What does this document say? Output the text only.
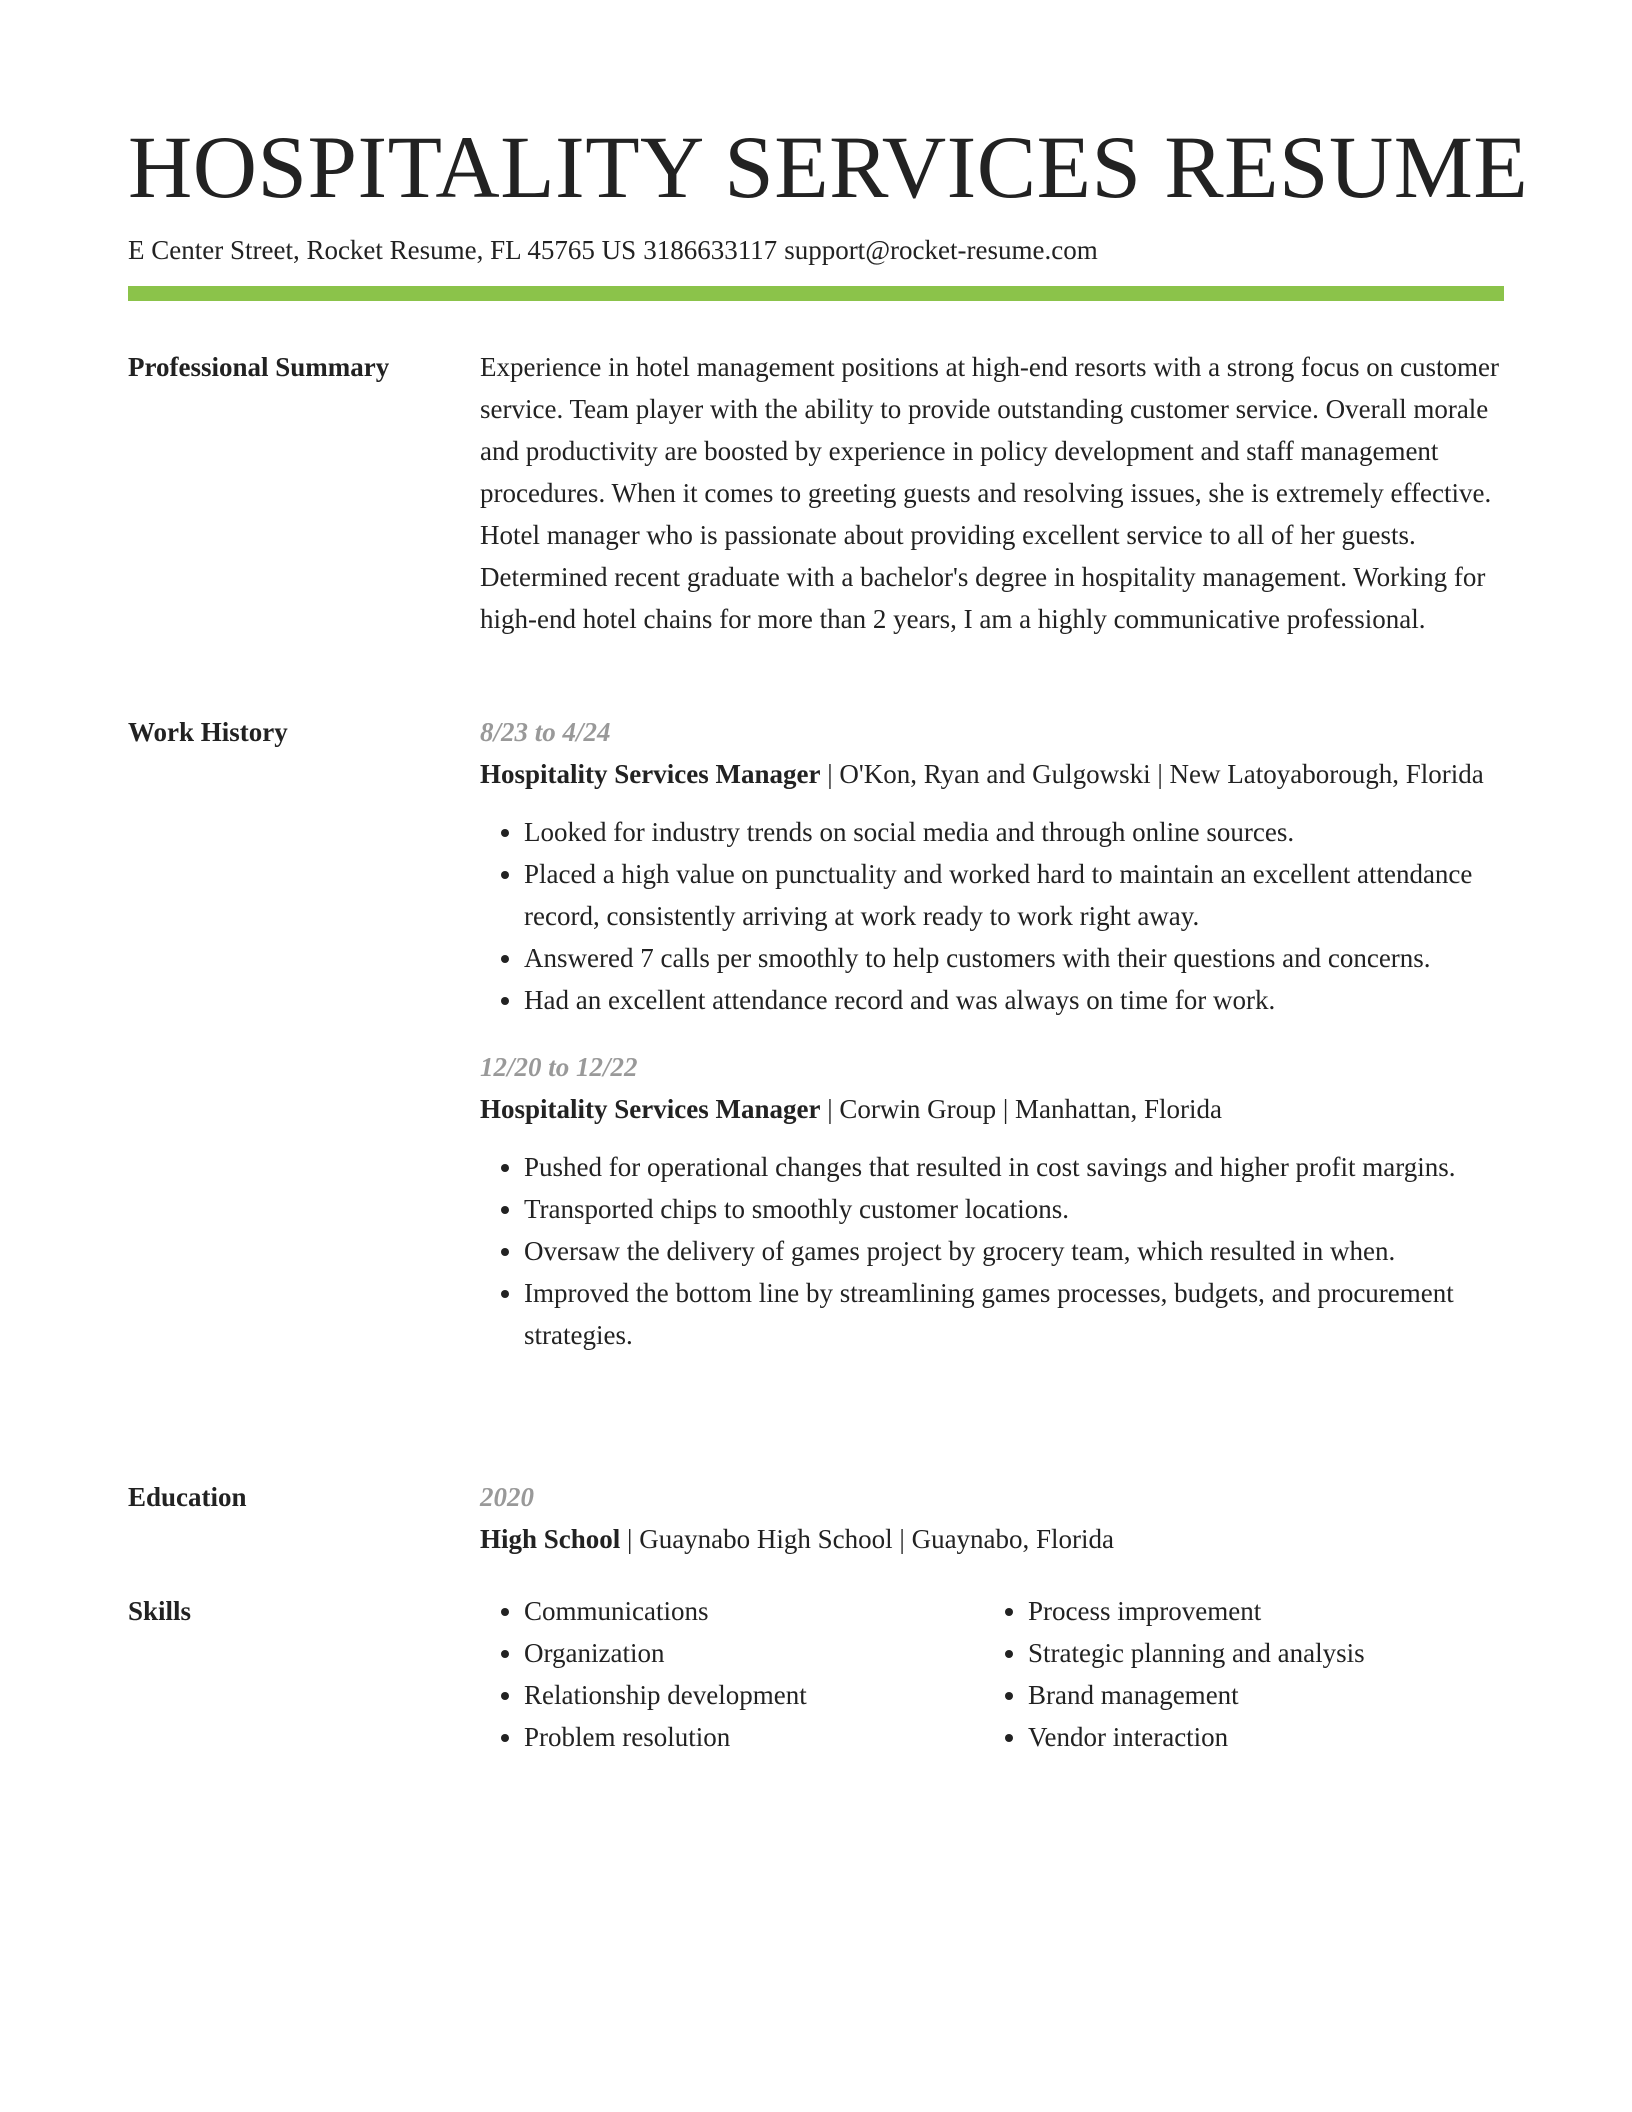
HOSPITALITY SERVICES RESUME
E Center Street, Rocket Resume, FL 45765 US 3186633117 support@rocket-resume.com
Professional Summary	Experience in hotel management positions at high-end resorts with a strong focus on customer service. Team player with the ability to provide outstanding customer service. Overall morale and productivity are boosted by experience in policy development and staff management procedures. When it comes to greeting guests and resolving issues, she is extremely effective. Hotel manager who is passionate about providing excellent service to all of her guests. Determined recent graduate with a bachelor's degree in hospitality management. Working for high-end hotel chains for more than 2 years, I am a highly communicative professional.

Work History	8/23 to 4/24

Hospitality Services Manager | O'Kon, Ryan and Gulgowski | New Latoyaborough, Florida

• Looked for industry trends on social media and through online sources.
• Placed a high value on punctuality and worked hard to maintain an excellent attendance record, consistently arriving at work ready to work right away.
• Answered 7 calls per smoothly to help customers with their questions and concerns.
• Had an excellent attendance record and was always on time for work.

12/20 to 12/22

Hospitality Services Manager | Corwin Group | Manhattan, Florida

• Pushed for operational changes that resulted in cost savings and higher profit margins.
• Transported chips to smoothly customer locations.
• Oversaw the delivery of games project by grocery team, which resulted in when.
• Improved the bottom line by streamlining games processes, budgets, and procurement strategies.
Education	2020

High School | Guaynabo High School | Guaynabo, Florida

Skills
•	Communications
• Organization
• Relationship development
• Problem resolution
• Process improvement
• Strategic planning and analysis
• Brand management
• Vendor interaction
